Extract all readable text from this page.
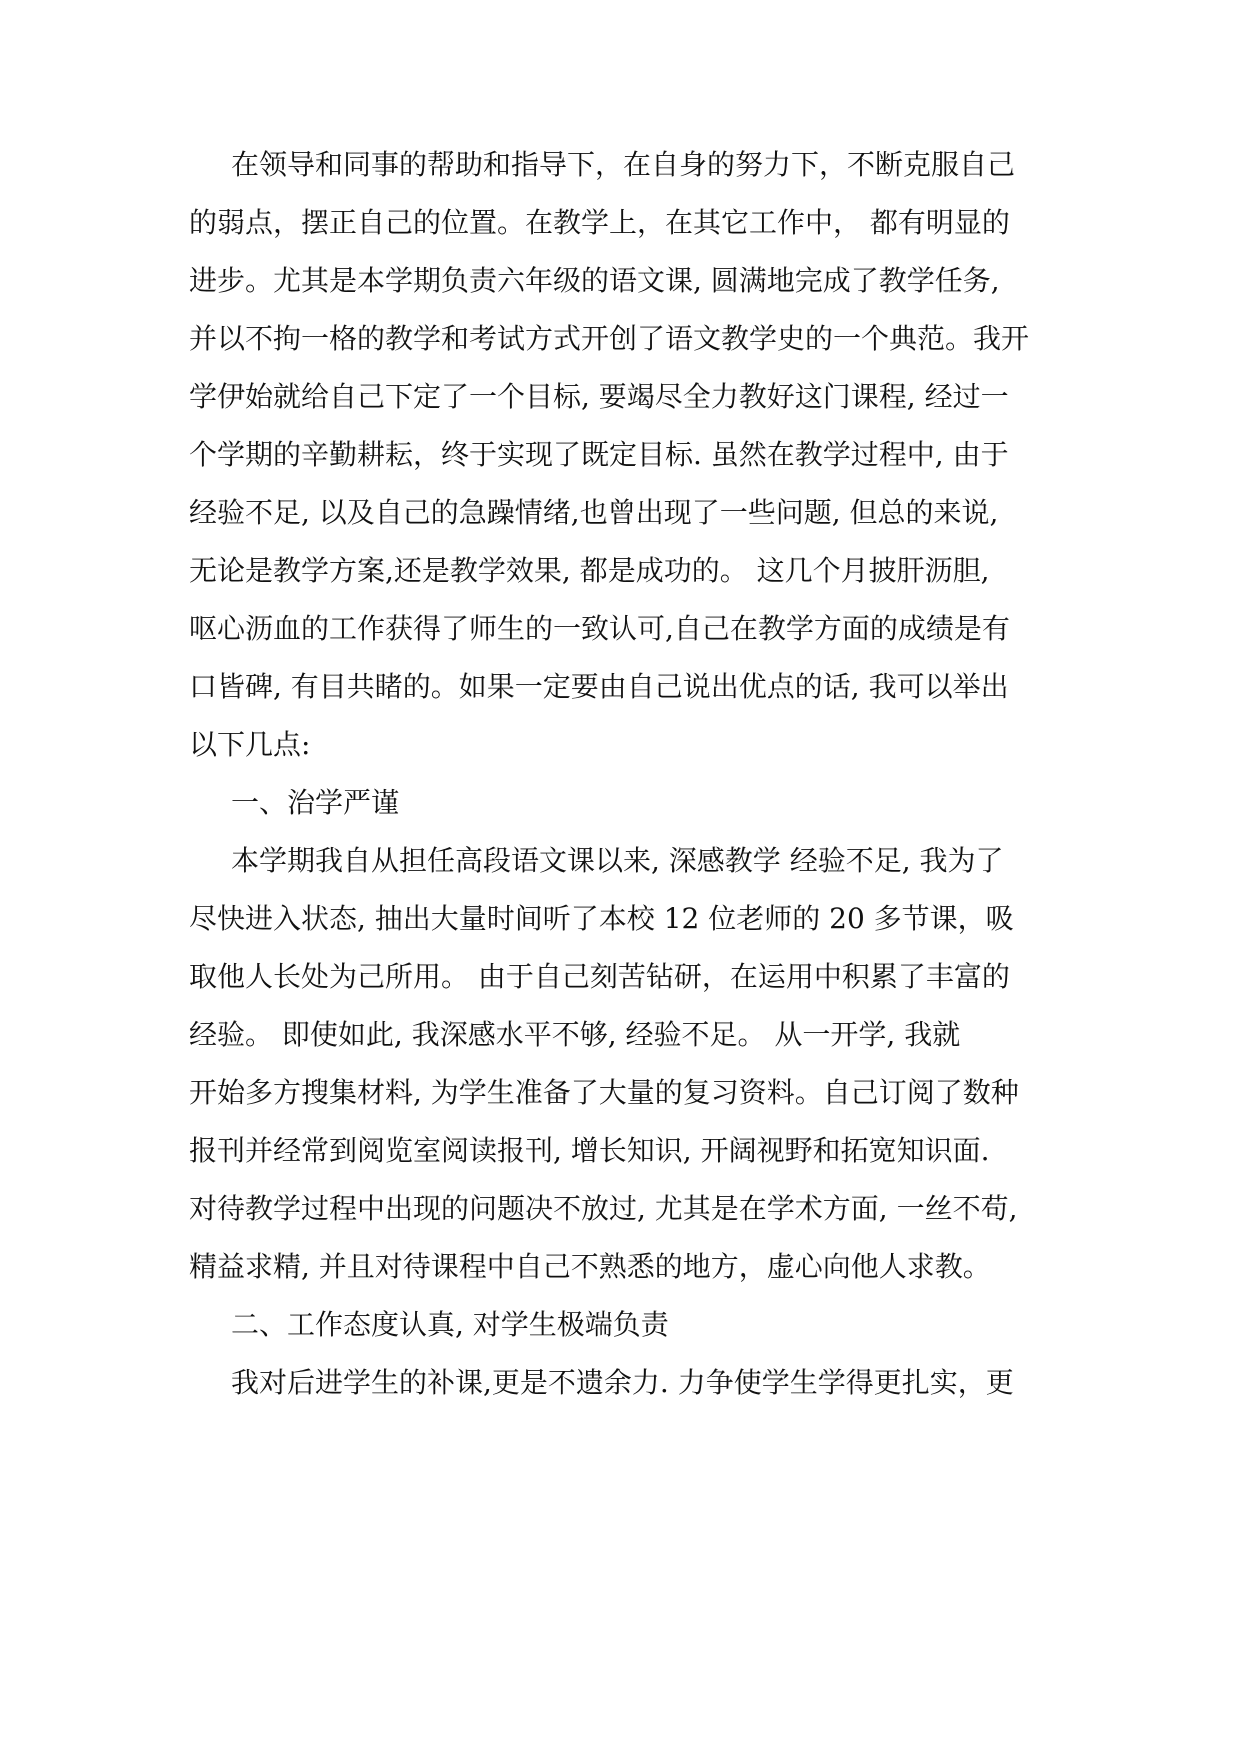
在领导和同事的帮助和指导下，在自身的努力下，不断克服自己
的弱点，摆正自己的位置。在教学上，在其它工作中， 都有明显的
进步。尤其是本学期负责六年级的语文课, 圆满地完成了教学任务,
并以不拘一格的教学和考试方式开创了语文教学史的一个典范。我开
学伊始就给自己下定了一个目标, 要竭尽全力教好这门课程, 经过一
个学期的辛勤耕耘，终于实现了既定目标. 虽然在教学过程中, 由于
经验不足, 以及自己的急躁情绪,也曾出现了一些问题, 但总的来说,
无论是教学方案,还是教学效果, 都是成功的。 这几个月披肝沥胆,
呕心沥血的工作获得了师生的一致认可,自己在教学方面的成绩是有
口皆碑, 有目共睹的。如果一定要由自己说出优点的话, 我可以举出
以下几点:
一、治学严谨
本学期我自从担任高段语文课以来, 深感教学 经验不足, 我为了
尽快进入状态, 抽出大量时间听了本校 12 位老师的 20 多节课，吸
取他人长处为己所用。 由于自己刻苦钻研，在运用中积累了丰富的
经验。 即使如此, 我深感水平不够, 经验不足。 从一开学, 我就
开始多方搜集材料, 为学生准备了大量的复习资料。自己订阅了数种
报刊并经常到阅览室阅读报刊, 增长知识, 开阔视野和拓宽知识面.
对待教学过程中出现的问题决不放过, 尤其是在学术方面, 一丝不苟,
精益求精, 并且对待课程中自己不熟悉的地方，虚心向他人求教。
二、工作态度认真, 对学生极端负责
我对后进学生的补课,更是不遗余力. 力争使学生学得更扎实，更
